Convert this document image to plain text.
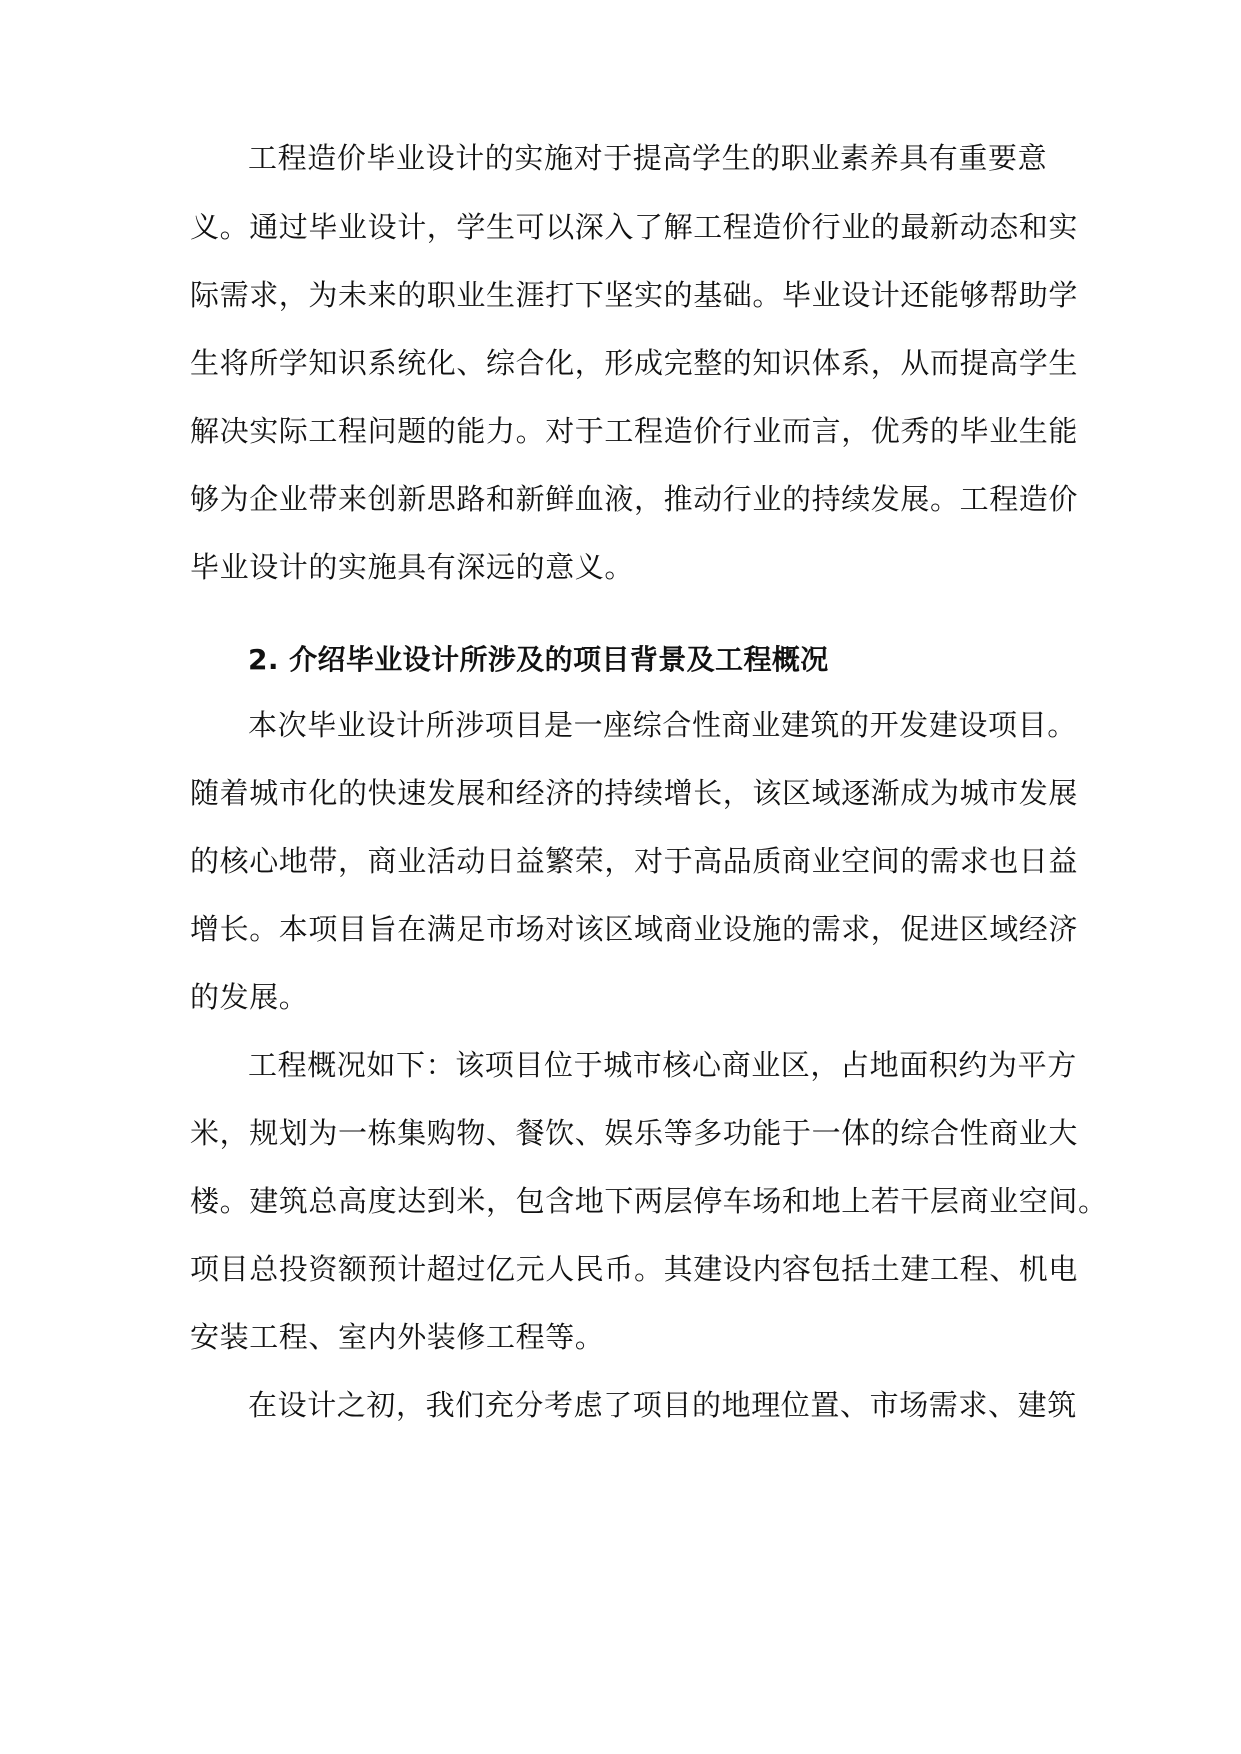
工程造价毕业设计的实施对于提高学生的职业素养具有重要意
义。通过毕业设计，学生可以深入了解工程造价行业的最新动态和实
际需求，为未来的职业生涯打下坚实的基础。毕业设计还能够帮助学
生将所学知识系统化、综合化，形成完整的知识体系，从而提高学生
解决实际工程问题的能力。对于工程造价行业而言，优秀的毕业生能
够为企业带来创新思路和新鲜血液，推动行业的持续发展。工程造价
毕业设计的实施具有深远的意义。
2. 介绍毕业设计所涉及的项目背景及工程概况
本次毕业设计所涉项目是一座综合性商业建筑的开发建设项目。
随着城市化的快速发展和经济的持续增长，该区域逐渐成为城市发展
的核心地带，商业活动日益繁荣，对于高品质商业空间的需求也日益
增长。本项目旨在满足市场对该区域商业设施的需求，促进区域经济
的发展。
工程概况如下：该项目位于城市核心商业区，占地面积约为平方
米，规划为一栋集购物、餐饮、娱乐等多功能于一体的综合性商业大
楼。建筑总高度达到米，包含地下两层停车场和地上若干层商业空间。
项目总投资额预计超过亿元人民币。其建设内容包括土建工程、机电
安装工程、室内外装修工程等。
在设计之初，我们充分考虑了项目的地理位置、市场需求、建筑
